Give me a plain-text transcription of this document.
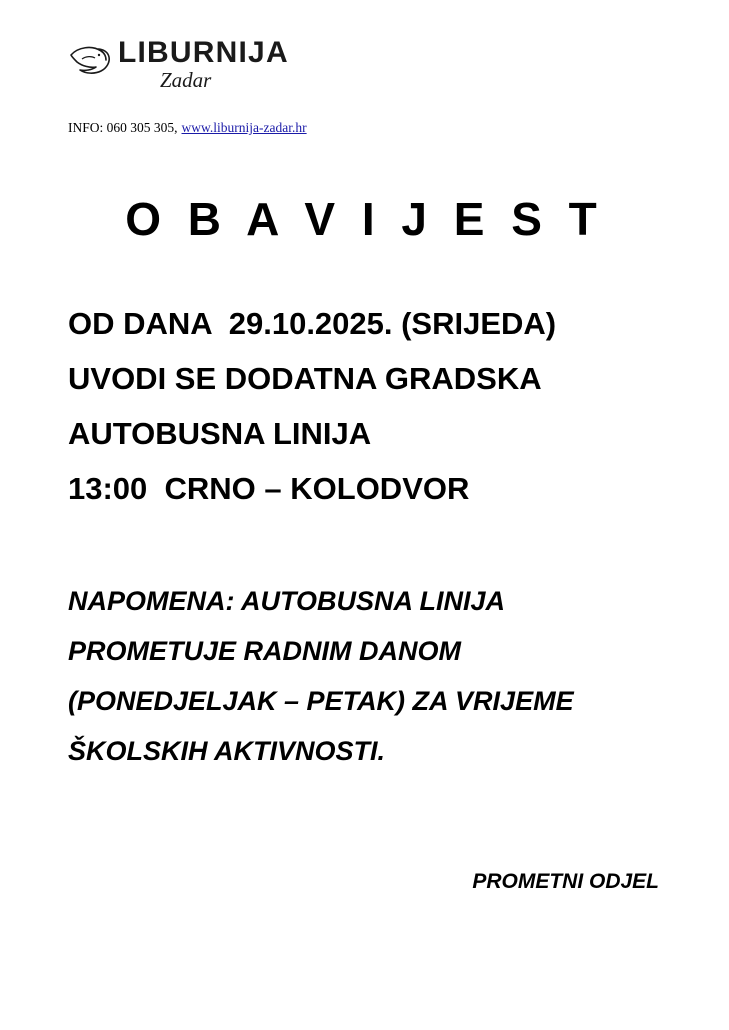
LIBURNIJA
Zadar
INFO: 060 305 305, www.liburnija-zadar.hr
O B A V I J E S T
OD DANA  29.10.2025. (SRIJEDA)
UVODI SE DODATNA GRADSKA
AUTOBUSNA LINIJA
13:00  CRNO – KOLODVOR
NAPOMENA: AUTOBUSNA LINIJA
PROMETUJE RADNIM DANOM
(PONEDJELJAK – PETAK) ZA VRIJEME
ŠKOLSKIH AKTIVNOSTI.
PROMETNI ODJEL
